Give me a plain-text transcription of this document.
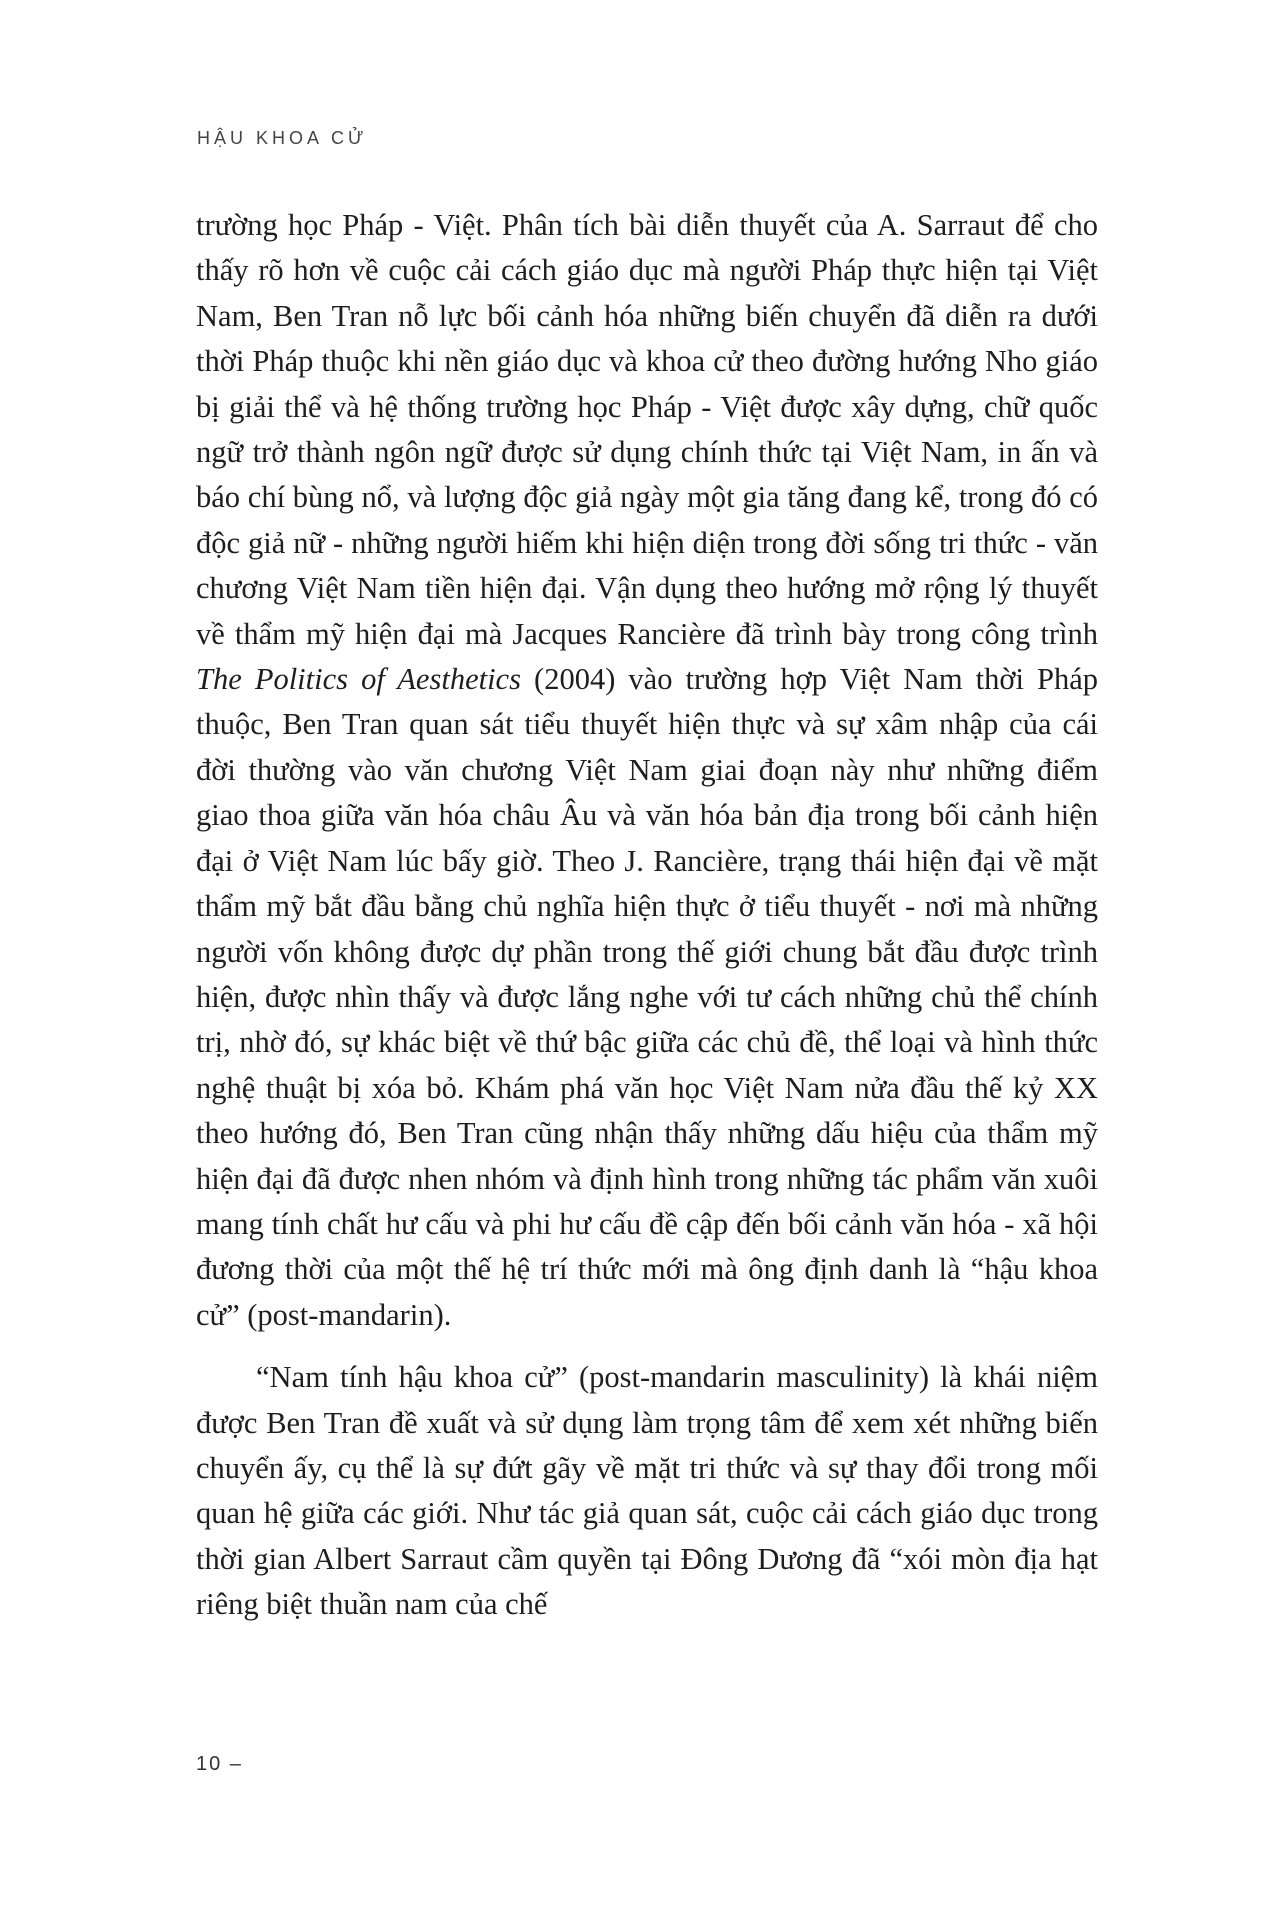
HẬU KHOA CỬ

trường học Pháp - Việt. Phân tích bài diễn thuyết của A. Sarraut để cho thấy rõ hơn về cuộc cải cách giáo dục mà người Pháp thực hiện tại Việt Nam, Ben Tran nỗ lực bối cảnh hóa những biến chuyển đã diễn ra dưới thời Pháp thuộc khi nền giáo dục và khoa cử theo đường hướng Nho giáo bị giải thể và hệ thống trường học Pháp - Việt được xây dựng, chữ quốc ngữ trở thành ngôn ngữ được sử dụng chính thức tại Việt Nam, in ấn và báo chí bùng nổ, và lượng độc giả ngày một gia tăng đang kể, trong đó có độc giả nữ - những người hiếm khi hiện diện trong đời sống tri thức - văn chương Việt Nam tiền hiện đại. Vận dụng theo hướng mở rộng lý thuyết về thẩm mỹ hiện đại mà Jacques Rancière đã trình bày trong công trình The Politics of Aesthetics (2004) vào trường hợp Việt Nam thời Pháp thuộc, Ben Tran quan sát tiểu thuyết hiện thực và sự xâm nhập của cái đời thường vào văn chương Việt Nam giai đoạn này như những điểm giao thoa giữa văn hóa châu Âu và văn hóa bản địa trong bối cảnh hiện đại ở Việt Nam lúc bấy giờ. Theo J. Rancière, trạng thái hiện đại về mặt thẩm mỹ bắt đầu bằng chủ nghĩa hiện thực ở tiểu thuyết - nơi mà những người vốn không được dự phần trong thế giới chung bắt đầu được trình hiện, được nhìn thấy và được lắng nghe với tư cách những chủ thể chính trị, nhờ đó, sự khác biệt về thứ bậc giữa các chủ đề, thể loại và hình thức nghệ thuật bị xóa bỏ. Khám phá văn học Việt Nam nửa đầu thế kỷ XX theo hướng đó, Ben Tran cũng nhận thấy những dấu hiệu của thẩm mỹ hiện đại đã được nhen nhóm và định hình trong những tác phẩm văn xuôi mang tính chất hư cấu và phi hư cấu đề cập đến bối cảnh văn hóa - xã hội đương thời của một thế hệ trí thức mới mà ông định danh là “hậu khoa cử” (post-mandarin).

“Nam tính hậu khoa cử” (post-mandarin masculinity) là khái niệm được Ben Tran đề xuất và sử dụng làm trọng tâm để xem xét những biến chuyển ấy, cụ thể là sự đứt gãy về mặt tri thức và sự thay đổi trong mối quan hệ giữa các giới. Như tác giả quan sát, cuộc cải cách giáo dục trong thời gian Albert Sarraut cầm quyền tại Đông Dương đã “xói mòn địa hạt riêng biệt thuần nam của chế

10 –
